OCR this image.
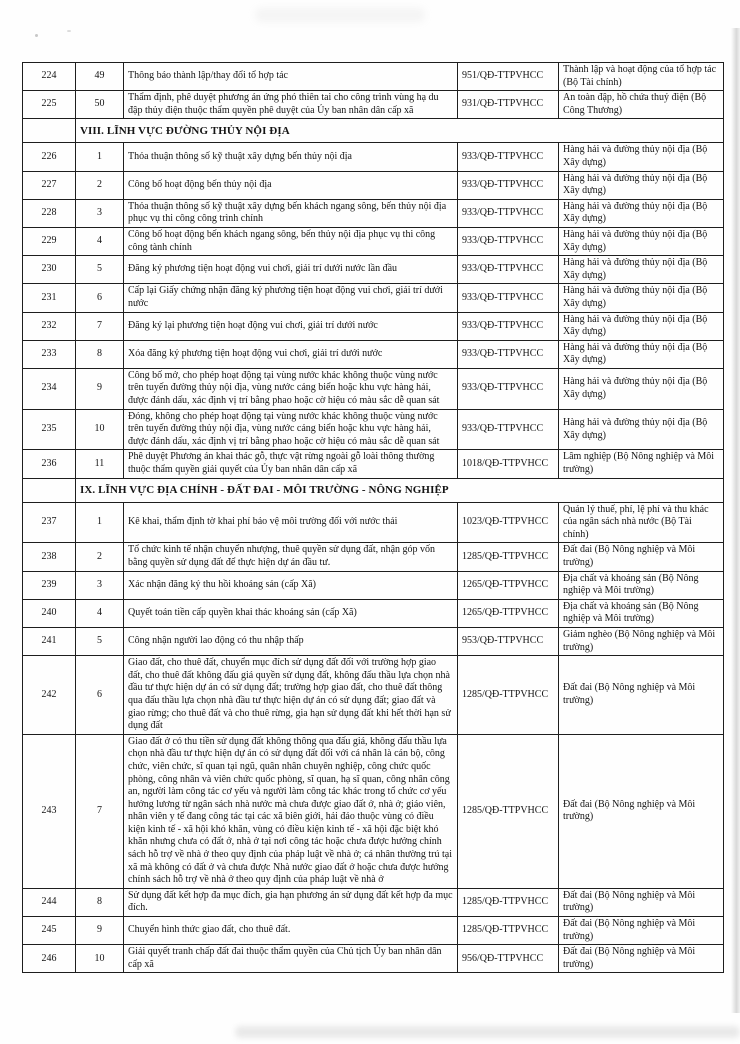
224	49	Thông báo thành lập/thay đổi tổ hợp tác	951/QĐ-TTPVHCC	Thành lập và hoạt động của tổ hợp tác (Bộ Tài chính)
225	50	Thẩm định, phê duyệt phương án ứng phó thiên tai cho công trình vùng hạ du đập thủy điện thuộc thẩm quyền phê duyệt của Ủy ban nhân dân cấp xã	931/QĐ-TTPVHCC	An toàn đập, hồ chứa thuỷ điện (Bộ Công Thương)
	VIII. LĨNH VỰC ĐƯỜNG THỦY NỘI ĐỊA			
226	1	Thỏa thuận thông số kỹ thuật xây dựng bến thủy nội địa	933/QĐ-TTPVHCC	Hàng hải và đường thủy nội địa (Bộ Xây dựng)
227	2	Công bố hoạt động bến thủy nội địa	933/QĐ-TTPVHCC	Hàng hải và đường thủy nội địa (Bộ Xây dựng)
228	3	Thỏa thuận thông số kỹ thuật xây dựng bến khách ngang sông, bến thủy nội địa phục vụ thi công công trình chính	933/QĐ-TTPVHCC	Hàng hải và đường thủy nội địa (Bộ Xây dựng)
229	4	Công bố hoạt động bến khách ngang sông, bến thủy nội địa phục vụ thi công công tành chính	933/QĐ-TTPVHCC	Hàng hải và đường thủy nội địa (Bộ Xây dựng)
230	5	Đăng ký phương tiện hoạt động vui chơi, giải trí dưới nước lần đầu	933/QĐ-TTPVHCC	Hàng hải và đường thủy nội địa (Bộ Xây dựng)
231	6	Cấp lại Giấy chứng nhận đăng ký phương tiện hoạt động vui chơi, giải trí dưới nước	933/QĐ-TTPVHCC	Hàng hải và đường thủy nội địa (Bộ Xây dựng)
232	7	Đăng ký lại phương tiện hoạt động vui chơi, giải trí dưới nước	933/QĐ-TTPVHCC	Hàng hải và đường thủy nội địa (Bộ Xây dựng)
233	8	Xóa đăng ký phương tiện hoạt động vui chơi, giải trí dưới nước	933/QĐ-TTPVHCC	Hàng hải và đường thủy nội địa (Bộ Xây dựng)
234	9	Công bố mở, cho phép hoạt động tại vùng nước khác không thuộc vùng nước trên tuyến đường thủy nội địa, vùng nước cảng biển hoặc khu vực hàng hải, được đánh dấu, xác định vị trí bằng phao hoặc cờ hiệu có màu sắc dễ quan sát	933/QĐ-TTPVHCC	Hàng hải và đường thủy nội địa (Bộ Xây dựng)
235	10	Đóng, không cho phép hoạt động tại vùng nước khác không thuộc vùng nước trên tuyến đường thủy nội địa, vùng nước cảng biển hoặc khu vực hàng hải, được đánh dấu, xác định vị trí bằng phao hoặc cờ hiệu có màu sắc dễ quan sát	933/QĐ-TTPVHCC	Hàng hải và đường thủy nội địa (Bộ Xây dựng)
236	11	Phê duyệt Phương án khai thác gỗ, thực vật rừng ngoài gỗ loài thông thường thuộc thẩm quyền giải quyết của Ủy ban nhân dân cấp xã	1018/QĐ-TTPVHCC	Lâm nghiệp (Bộ Nông nghiệp và Môi trường)
	IX. LĨNH VỰC ĐỊA CHÍNH - ĐẤT ĐAI - MÔI TRƯỜNG - NÔNG NGHIỆP			
237	1	Kê khai, thẩm định tờ khai phí bảo vệ môi trường đối với nước thải	1023/QĐ-TTPVHCC	Quản lý thuế, phí, lệ phí và thu khác của ngân sách nhà nước (Bộ Tài chính)
238	2	Tổ chức kinh tế nhận chuyển nhượng, thuê quyền sử dụng đất, nhận góp vốn bằng quyền sử dụng đất để thực hiện dự án đầu tư.	1285/QĐ-TTPVHCC	Đất đai (Bộ Nông nghiệp và Môi trường)
239	3	Xác nhận đăng ký thu hồi khoáng sản (cấp Xã)	1265/QĐ-TTPVHCC	Địa chất và khoáng sản (Bộ Nông nghiệp và Môi trường)
240	4	Quyết toán tiền cấp quyền khai thác khoáng sản (cấp Xã)	1265/QĐ-TTPVHCC	Địa chất và khoáng sản (Bộ Nông nghiệp và Môi trường)
241	5	Công nhận người lao động có thu nhập thấp	953/QĐ-TTPVHCC	Giảm nghèo (Bộ Nông nghiệp và Môi trường)
242	6	Giao đất, cho thuê đất, chuyển mục đích sử dụng đất đối với trường hợp giao đất, cho thuê đất không đấu giá quyền sử dụng đất, không đấu thầu lựa chọn nhà đầu tư thực hiện dự án có sử dụng đất; trường hợp giao đất, cho thuê đất thông qua đấu thầu lựa chọn nhà đầu tư thực hiện dự án có sử dụng đất; giao đất và giao rừng; cho thuê đất và cho thuê rừng, gia hạn sử dụng đất khi hết thời hạn sử dụng đất	1285/QĐ-TTPVHCC	Đất đai (Bộ Nông nghiệp và Môi trường)
243	7	Giao đất ở có thu tiền sử dụng đất không thông qua đấu giá, không đấu thầu lựa chọn nhà đầu tư thực hiện dự án có sử dụng đất đối với cá nhân là cán bộ, công chức, viên chức, sĩ quan tại ngũ, quân nhân chuyên nghiệp, công chức quốc phòng, công nhân và viên chức quốc phòng, sĩ quan, hạ sĩ quan, công nhân công an, người làm công tác cơ yếu và người làm công tác khác trong tổ chức cơ yếu hưởng lương từ ngân sách nhà nước mà chưa được giao đất ở, nhà ở; giáo viên, nhân viên y tế đang công tác tại các xã biên giới, hải đảo thuộc vùng có điều kiện kinh tế - xã hội khó khăn, vùng có điều kiện kinh tế - xã hội đặc biệt khó khăn nhưng chưa có đất ở, nhà ở tại nơi công tác hoặc chưa được hưởng chính sách hỗ trợ về nhà ở theo quy định của pháp luật về nhà ở; cá nhân thường trú tại xã mà không có đất ở và chưa được Nhà nước giao đất ở hoặc chưa được hưởng chính sách hỗ trợ về nhà ở theo quy định của pháp luật về nhà ở	1285/QĐ-TTPVHCC	Đất đai (Bộ Nông nghiệp và Môi trường)
244	8	Sử dụng đất kết hợp đa mục đích, gia hạn phương án sử dụng đất kết hợp đa mục đích.	1285/QĐ-TTPVHCC	Đất đai (Bộ Nông nghiệp và Môi trường)
245	9	Chuyển hình thức giao đất, cho thuê đất.	1285/QĐ-TTPVHCC	Đất đai (Bộ Nông nghiệp và Môi trường)
246	10	Giải quyết tranh chấp đất đai thuộc thẩm quyền của Chủ tịch Ủy ban nhân dân cấp xã	956/QĐ-TTPVHCC	Đất đai (Bộ Nông nghiệp và Môi trường)
